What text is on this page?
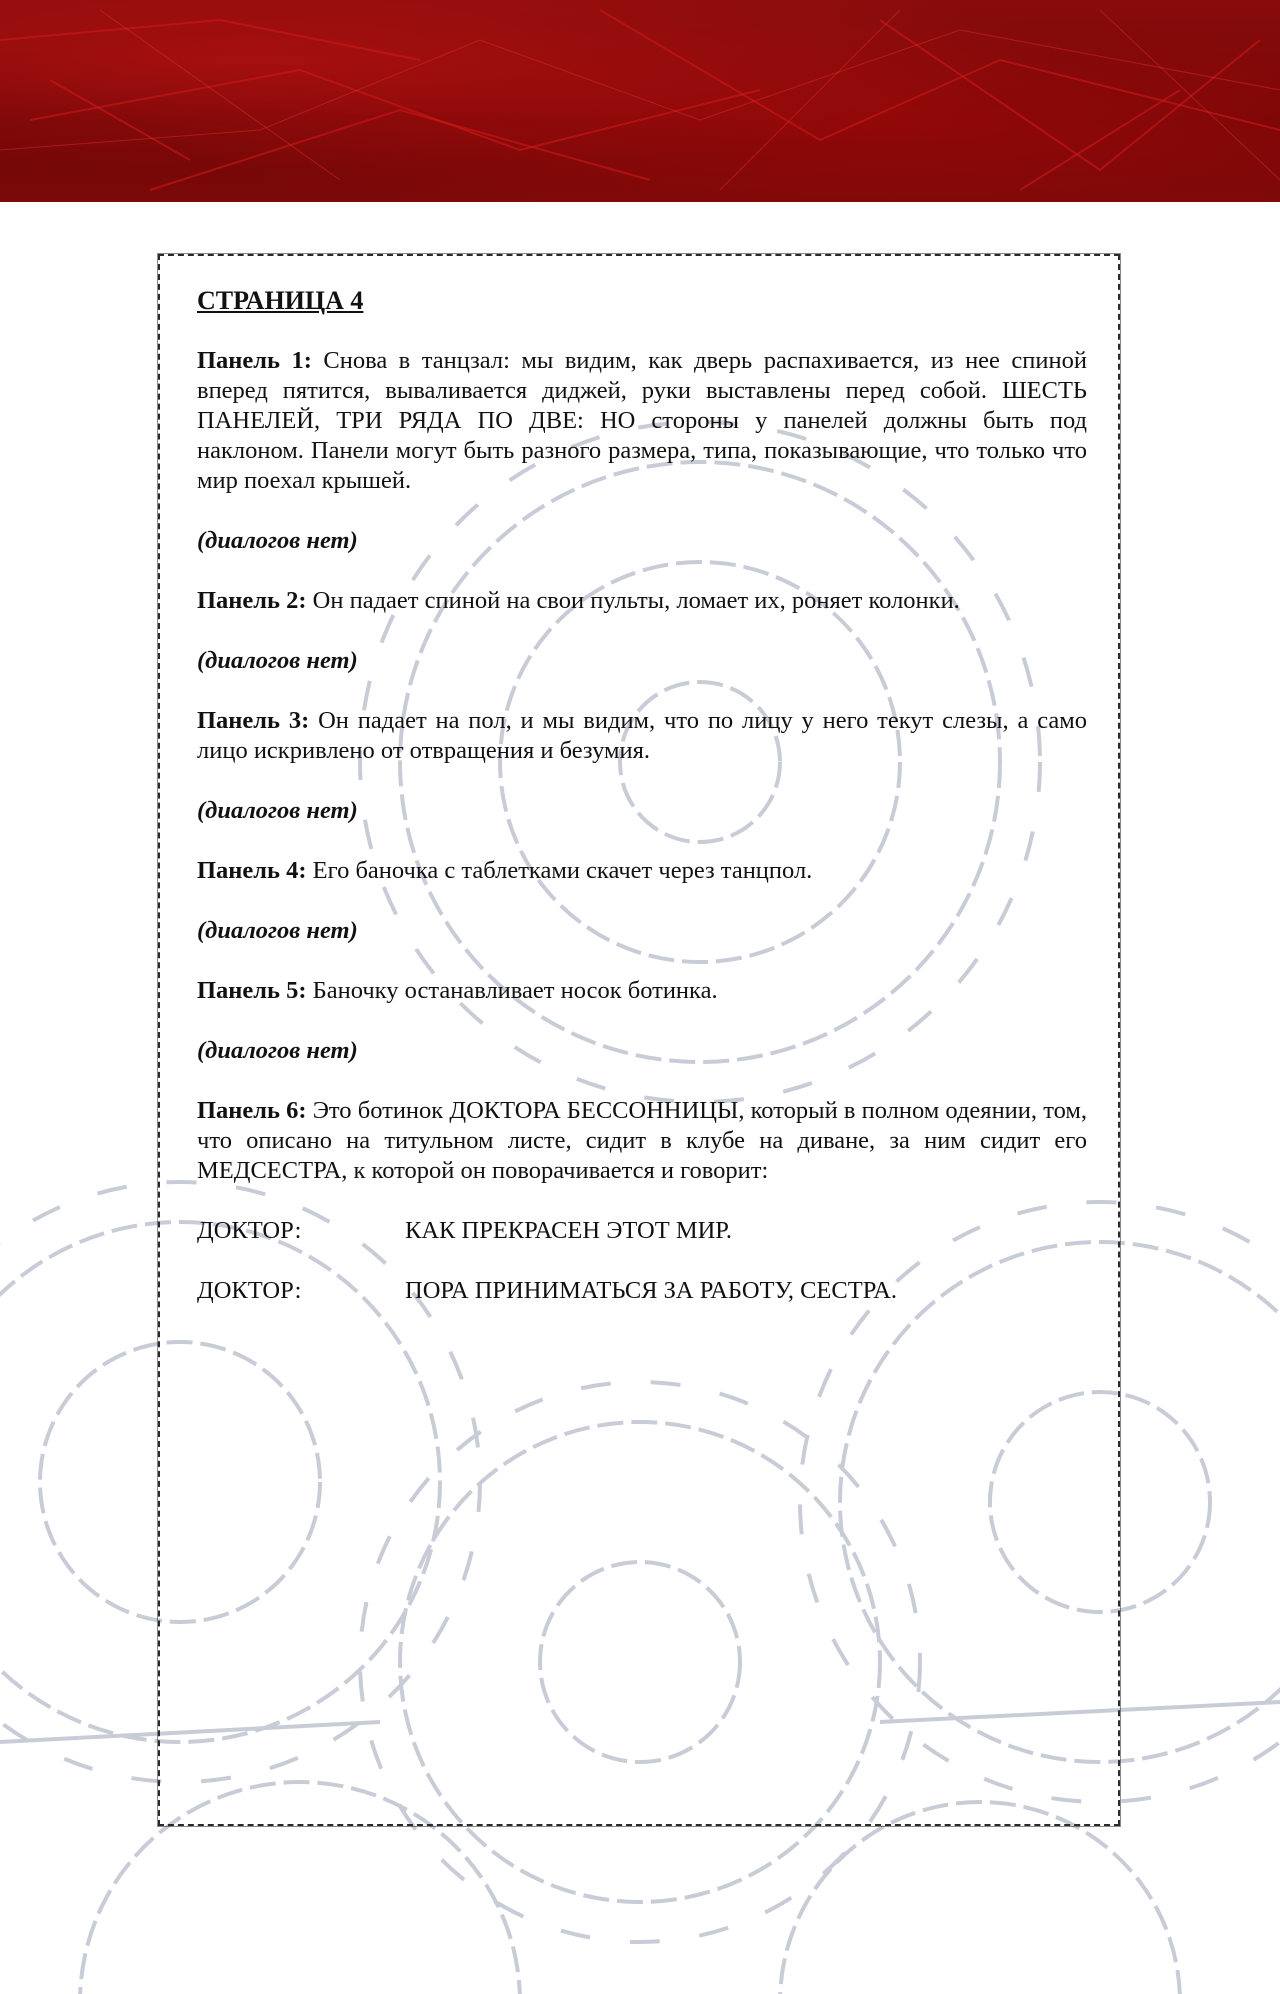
СТРАНИЦА 4

Панель 1: Снова в танцзал: мы видим, как дверь распахивается, из нее спиной вперед пятится, вываливается диджей, руки выставлены перед собой. ШЕСТЬ ПАНЕЛЕЙ, ТРИ РЯДА ПО ДВЕ: НО стороны у панелей должны быть под наклоном. Панели могут быть разного размера, типа, показывающие, что только что мир поехал крышей.

(диалогов нет)

Панель 2: Он падает спиной на свои пульты, ломает их, роняет колонки.

(диалогов нет)

Панель 3: Он падает на пол, и мы видим, что по лицу у него текут слезы, а само лицо искривлено от отвращения и безумия.

(диалогов нет)

Панель 4: Его баночка с таблетками скачет через танцпол.

(диалогов нет)

Панель 5: Баночку останавливает носок ботинка.

(диалогов нет)

Панель 6: Это ботинок ДОКТОРА БЕССОННИЦЫ, который в полном одеянии, том, что описано на титульном листе, сидит в клубе на диване, за ним сидит его МЕДСЕСТРА, к которой он поворачивается и говорит:

ДОКТОР:	КАК ПРЕКРАСЕН ЭТОТ МИР.
ДОКТОР:	ПОРА ПРИНИМАТЬСЯ ЗА РАБОТУ, СЕСТРА.
